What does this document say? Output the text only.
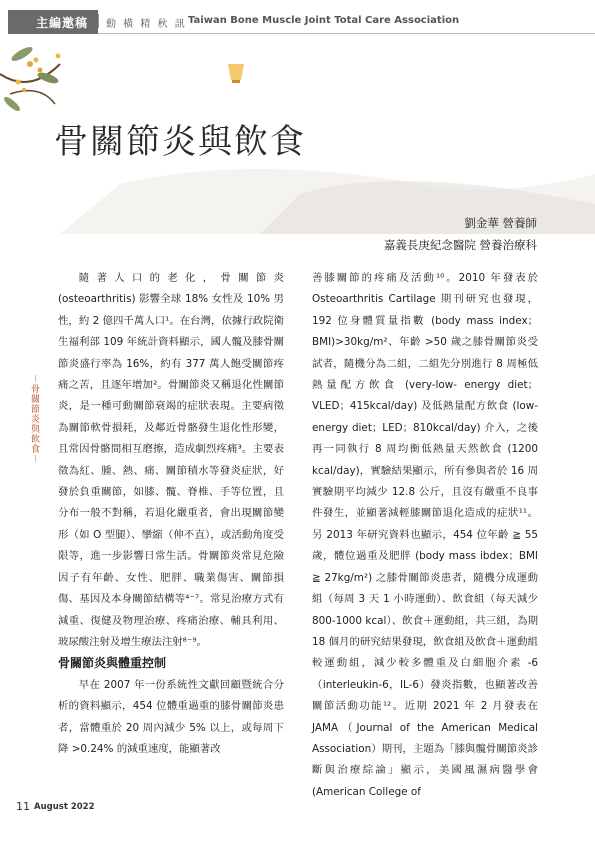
主編邀稿 動 橫 精 秋 訊 Taiwan Bone Muscle Joint Total Care Association
骨關節炎與飲食
劉金華 營養師
嘉義長庚紀念醫院 營養治療科
－骨關節炎與飲食－

隨著人口的老化，骨關節炎 (osteoarthritis) 影響全球 18% 女性及 10% 男性，約 2 億四千萬人口¹。在台灣，依據行政院衛生福利部 109 年統計資料顯示，國人髖及膝骨關節炎盛行率為 16%，約有 377 萬人飽受關節疼痛之苦，且逐年增加²。骨關節炎又稱退化性關節炎，是一種可動關節衰竭的症狀表現。主要病徵為關節軟骨損耗，及鄰近骨骼發生退化性形變，且常因骨骼間相互磨擦，造成劇烈疼痛³。主要表徵為紅、腫、熱、痛、關節積水等發炎症狀，好發於負重關節，如膝、髖、脊椎、手等位置，且分布一般不對稱，若退化嚴重者，會出現關節變形（如 O 型腿）、攣縮（伸不直），或活動角度受限等，進一步影響日常生活。骨關節炎常見危險因子有年齡、女性、肥胖、職業傷害、關節損傷、基因及本身關節結構等⁴⁻⁷。常見治療方式有減重、復健及物理治療、疼痛治療、輔具利用、玻尿酸注射及增生療法注射⁸⁻⁹。

骨關節炎與體重控制

早在 2007 年一份系統性文獻回顧暨統合分析的資料顯示，454 位體重過重的膝骨關節炎患者，當體重於 20 周內減少 5% 以上，或每周下降 >0.24% 的減重速度，能顯著改

善膝關節的疼痛及活動¹⁰。2010 年發表於 Osteoarthritis Cartilage 期刊研究也發現，192 位身體質量指數 (body mass index；BMI)>30kg/m²、年齡 >50 歲之膝骨關節炎受試者，隨機分為二組，二組先分別進行 8 周極低熱量配方飲食 (very-low- energy diet；VLED；415kcal/day) 及低熱量配方飲食 (low-energy diet；LED；810kcal/day) 介入，之後再一同執行 8 周均衡低熱量天然飲食 (1200 kcal/day)，實驗結果顯示，所有參與者於 16 周實驗期平均減少 12.8 公斤，且沒有嚴重不良事件發生，並顯著減輕膝關節退化造成的症狀¹¹。另 2013 年研究資料也顯示，454 位年齡 ≧ 55 歲，體位過重及肥胖 (body mass ibdex；BMI ≧ 27kg/m²) 之膝骨關節炎患者，隨機分成運動組（每周 3 天 1 小時運動）、飲食組（每天減少 800-1000 kcal）、飲食＋運動組，共三組，為期 18 個月的研究結果發現，飲食組及飲食＋運動組較運動組，減少較多體重及白細胞介素 -6（interleukin-6，IL-6）發炎指數，也顯著改善關節活動功能¹²。近期 2021 年 2 月發表在 JAMA（Journal of the American Medical Association）期刊，主題為「膝與髖骨關節炎診斷與治療綜論」顯示，美國風濕病醫學會 (American College of

11 August 2022
